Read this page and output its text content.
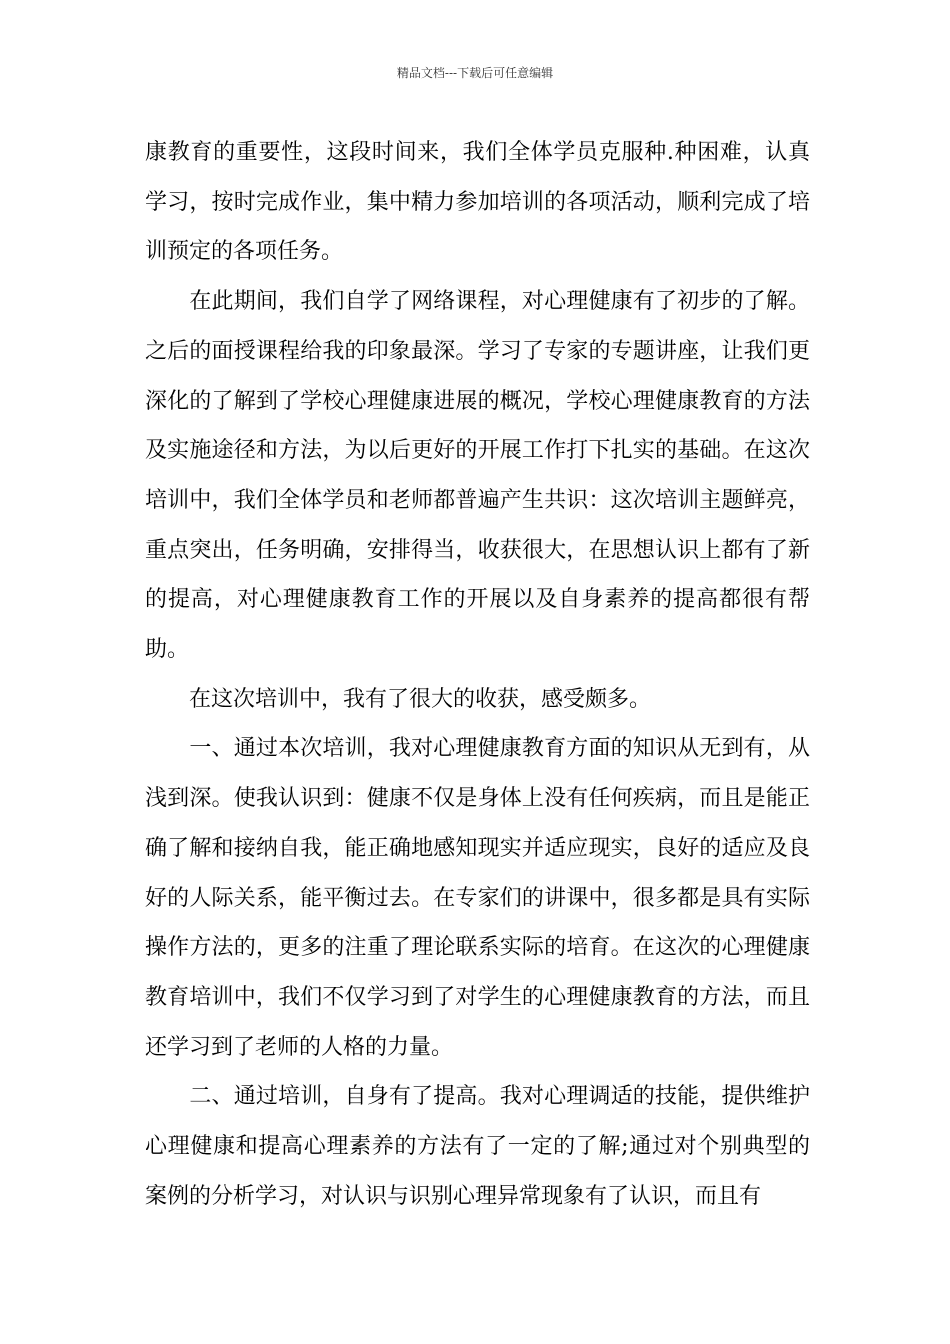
精品文档---下载后可任意编辑

康教育的重要性，这段时间来，我们全体学员克服种.种困难，认真学习，按时完成作业，集中精力参加培训的各项活动，顺利完成了培训预定的各项任务。

　　在此期间，我们自学了网络课程，对心理健康有了初步的了解。之后的面授课程给我的印象最深。学习了专家的专题讲座，让我们更深化的了解到了学校心理健康进展的概况，学校心理健康教育的方法及实施途径和方法，为以后更好的开展工作打下扎实的基础。在这次培训中，我们全体学员和老师都普遍产生共识：这次培训主题鲜亮，重点突出，任务明确，安排得当，收获很大，在思想认识上都有了新的提高，对心理健康教育工作的开展以及自身素养的提高都很有帮助。

　　在这次培训中，我有了很大的收获，感受颇多。

　　一、通过本次培训，我对心理健康教育方面的知识从无到有，从浅到深。使我认识到：健康不仅是身体上没有任何疾病，而且是能正确了解和接纳自我，能正确地感知现实并适应现实，良好的适应及良好的人际关系，能平衡过去。在专家们的讲课中，很多都是具有实际操作方法的，更多的注重了理论联系实际的培育。在这次的心理健康教育培训中，我们不仅学习到了对学生的心理健康教育的方法，而且还学习到了老师的人格的力量。

　　二、通过培训，自身有了提高。我对心理调适的技能，提供维护心理健康和提高心理素养的方法有了一定的了解;通过对个别典型的案例的分析学习，对认识与识别心理异常现象有了认识，而且有
